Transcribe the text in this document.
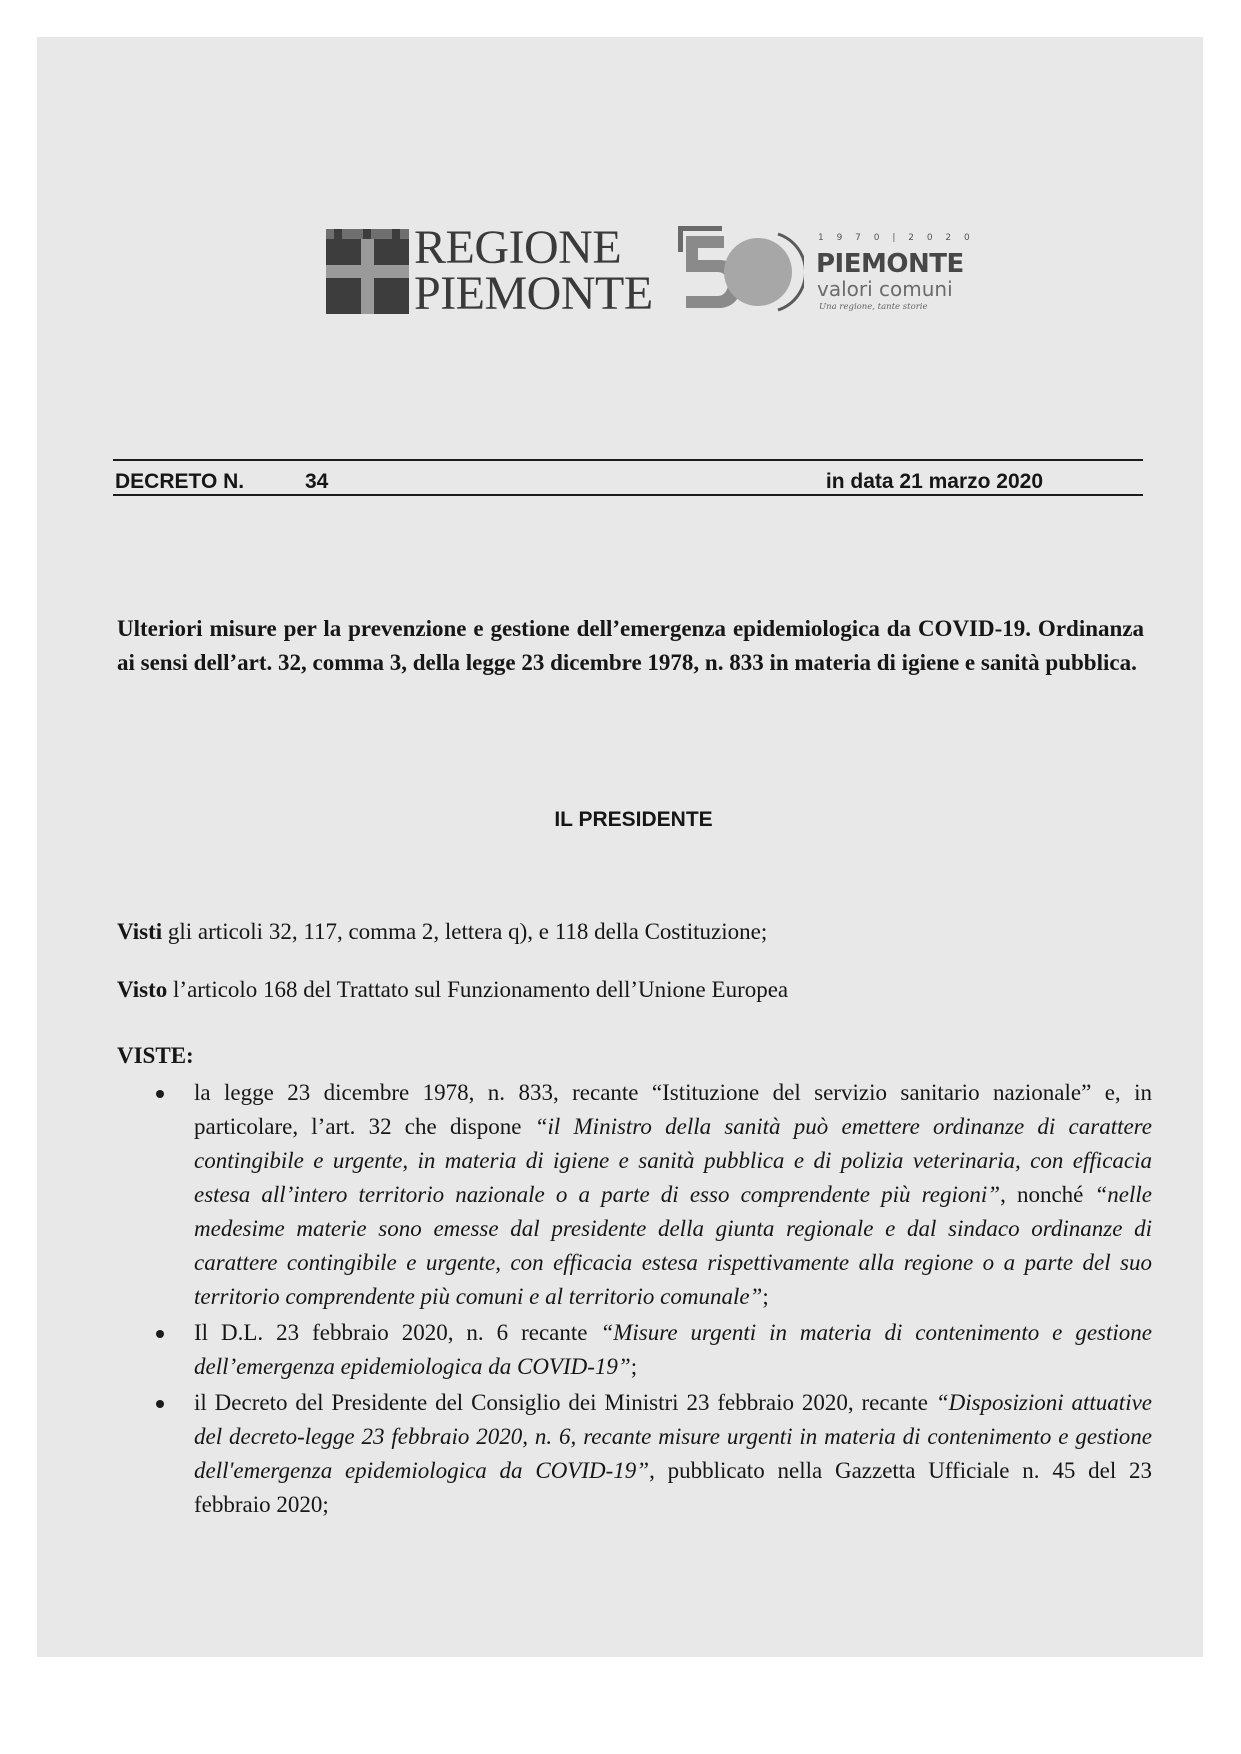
REGIONE
PIEMONTE
1 9 7 0 | 2 0 2 0
PIEMONTE
valori comuni
Una regione, tante storie
DECRETO N.	34	in data 21 marzo 2020
Ulteriori misure per la prevenzione e gestione dell’emergenza epidemiologica da COVID-19. Ordinanza ai sensi dell’art. 32, comma 3, della legge 23 dicembre 1978, n. 833 in materia di igiene e sanità pubblica.
IL PRESIDENTE
Visti gli articoli 32, 117, comma 2, lettera q), e 118 della Costituzione;
Visto l’articolo 168 del Trattato sul Funzionamento dell’Unione Europea
VISTE:
la legge 23 dicembre 1978, n. 833, recante “Istituzione del servizio sanitario nazionale” e, in particolare, l’art. 32 che dispone “il Ministro della sanità può emettere ordinanze di carattere contingibile e urgente, in materia di igiene e sanità pubblica e di polizia veterinaria, con efficacia estesa all’intero territorio nazionale o a parte di esso comprendente più regioni”, nonché “nelle medesime materie sono emesse dal presidente della giunta regionale e dal sindaco ordinanze di carattere contingibile e urgente, con efficacia estesa rispettivamente alla regione o a parte del suo territorio comprendente più comuni e al territorio comunale”;
Il D.L. 23 febbraio 2020, n. 6 recante “Misure urgenti in materia di contenimento e gestione dell’emergenza epidemiologica da COVID-19”;
il Decreto del Presidente del Consiglio dei Ministri 23 febbraio 2020, recante “Disposizioni attuative del decreto-legge 23 febbraio 2020, n. 6, recante misure urgenti in materia di contenimento e gestione dell'emergenza epidemiologica da COVID-19”, pubblicato nella Gazzetta Ufficiale n. 45 del 23 febbraio 2020;
